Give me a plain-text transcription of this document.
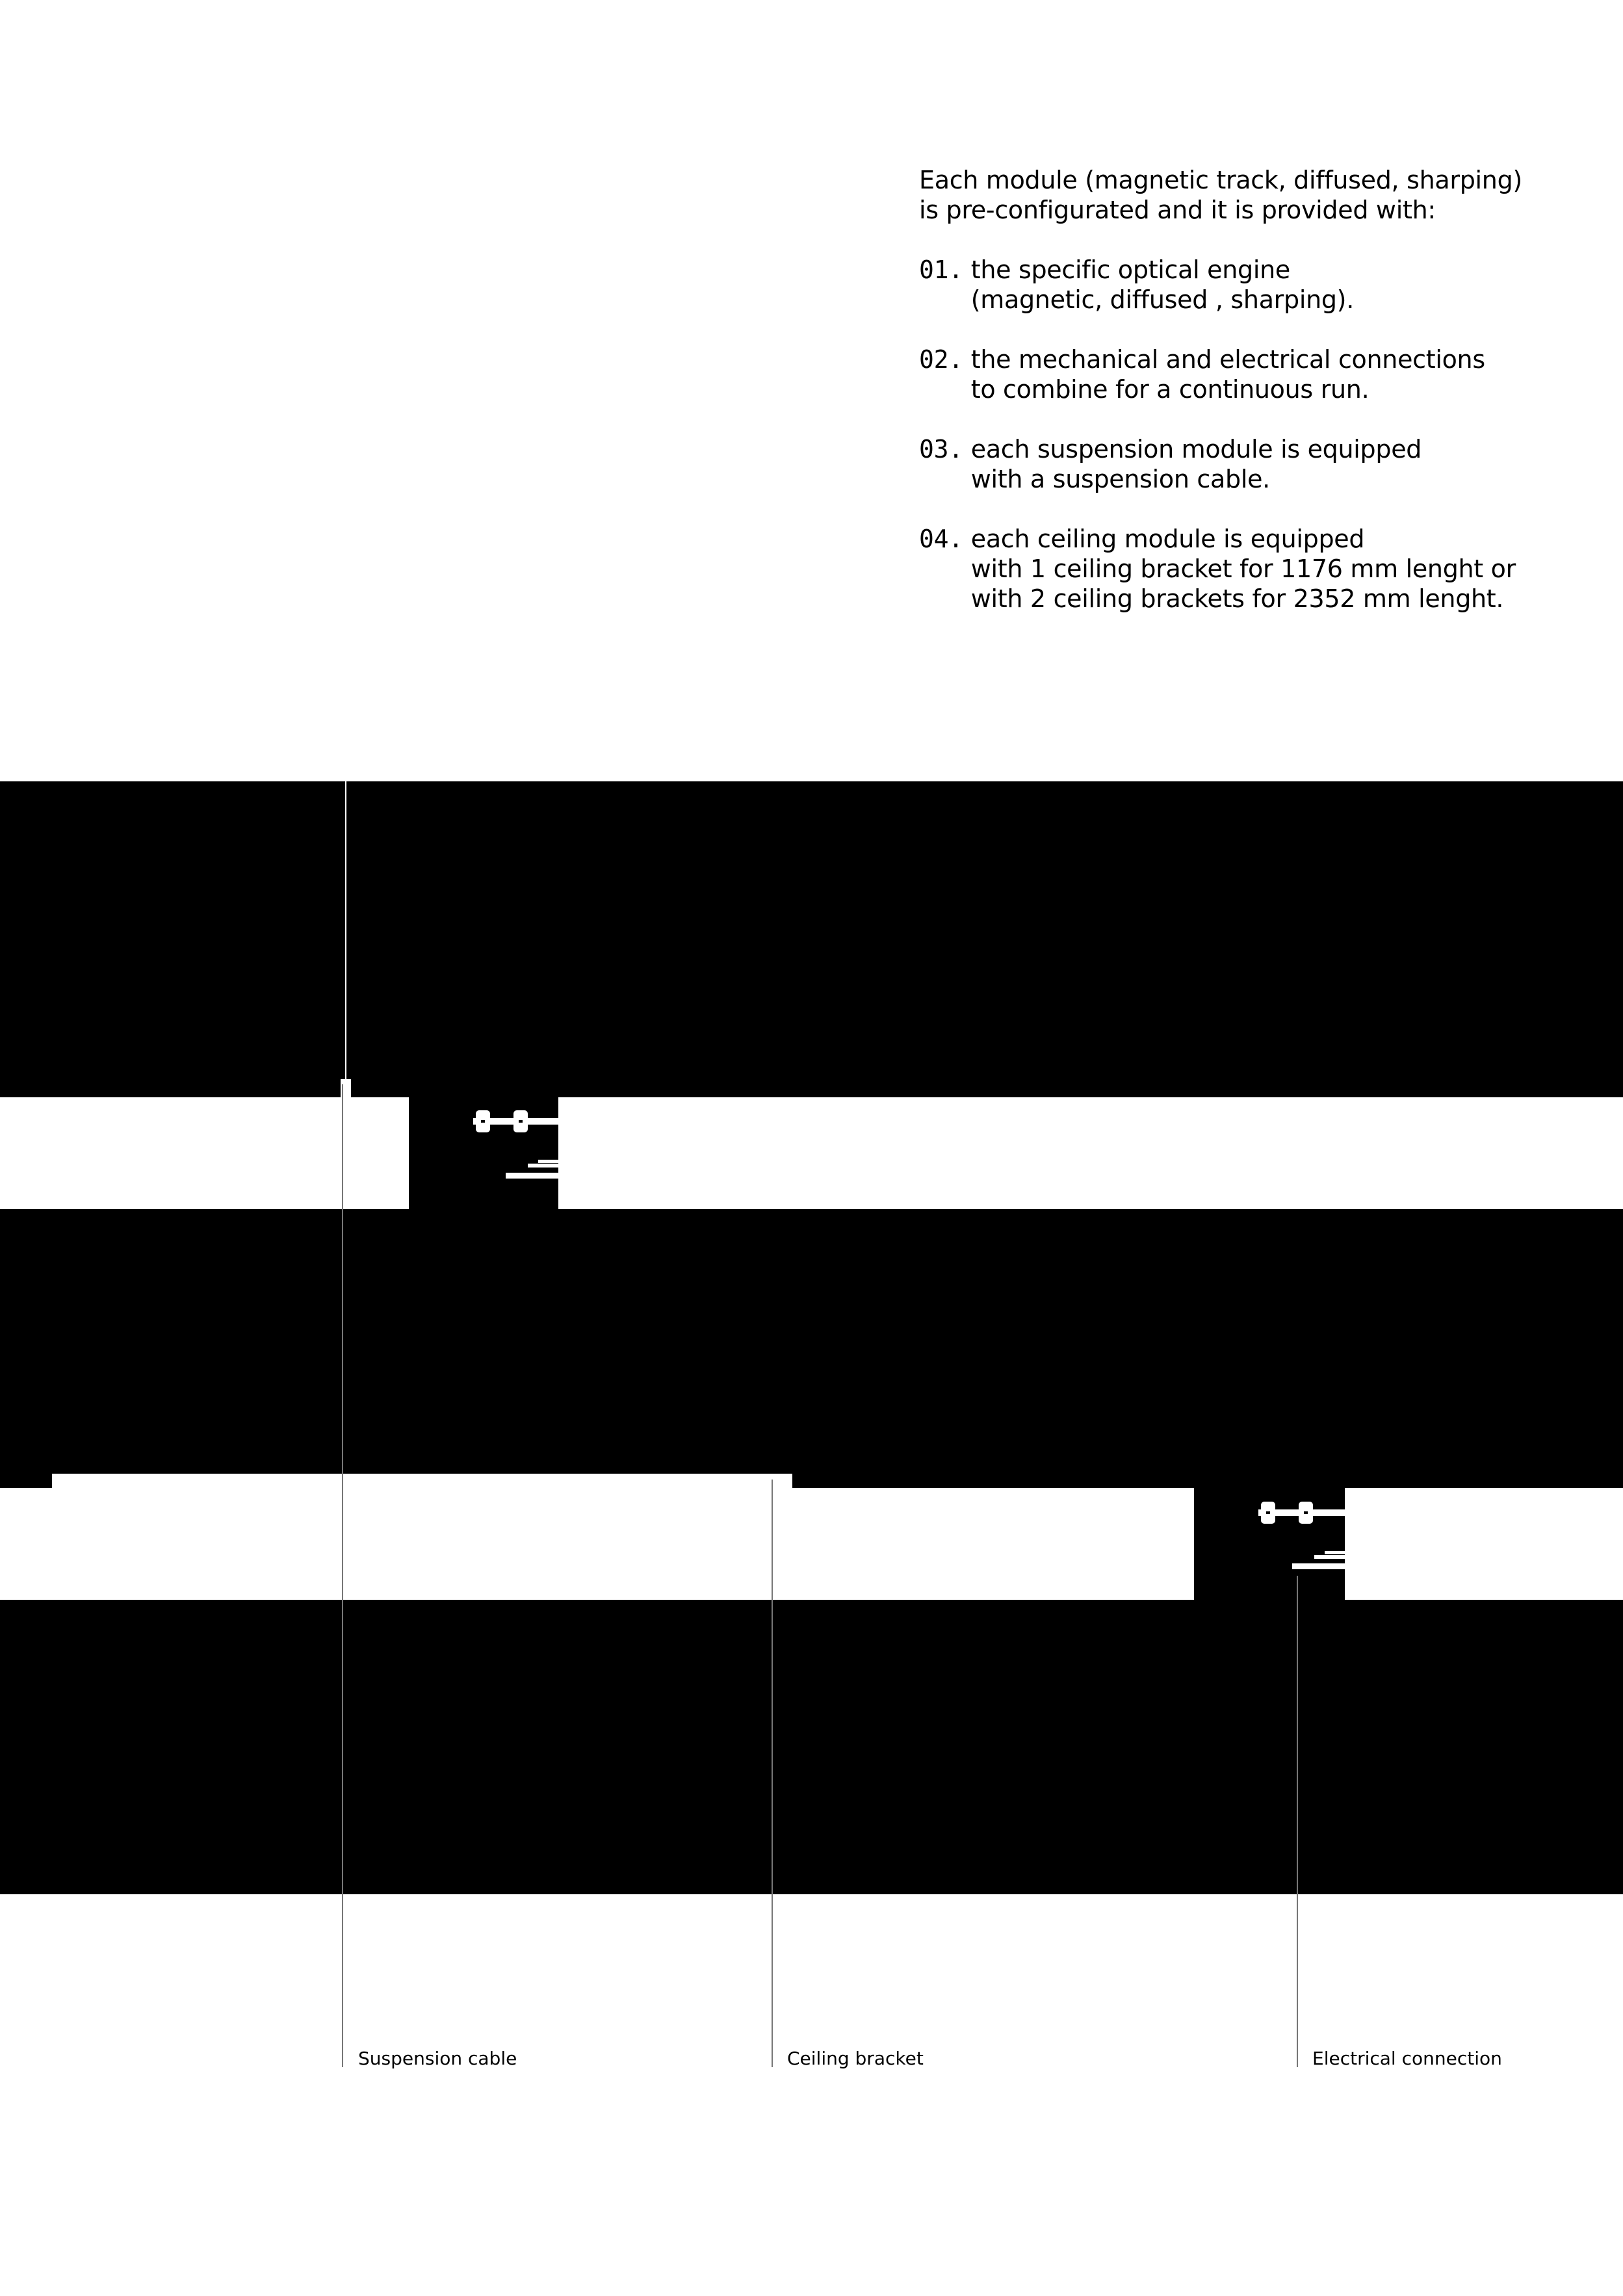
Each module (magnetic track, diffused, sharping)
is pre-configurated and it is provided with:

01. the specific optical engine
(magnetic, diffused , sharping).
02. the mechanical and electrical connections
to combine for a continuous run.
03. each suspension module is equipped
with a suspension cable.
04. each ceiling module is equipped
with 1 ceiling bracket for 1176 mm lenght or
with 2 ceiling brackets for 2352 mm lenght.
Suspension cable	Ceiling bracket	Electrical connection
